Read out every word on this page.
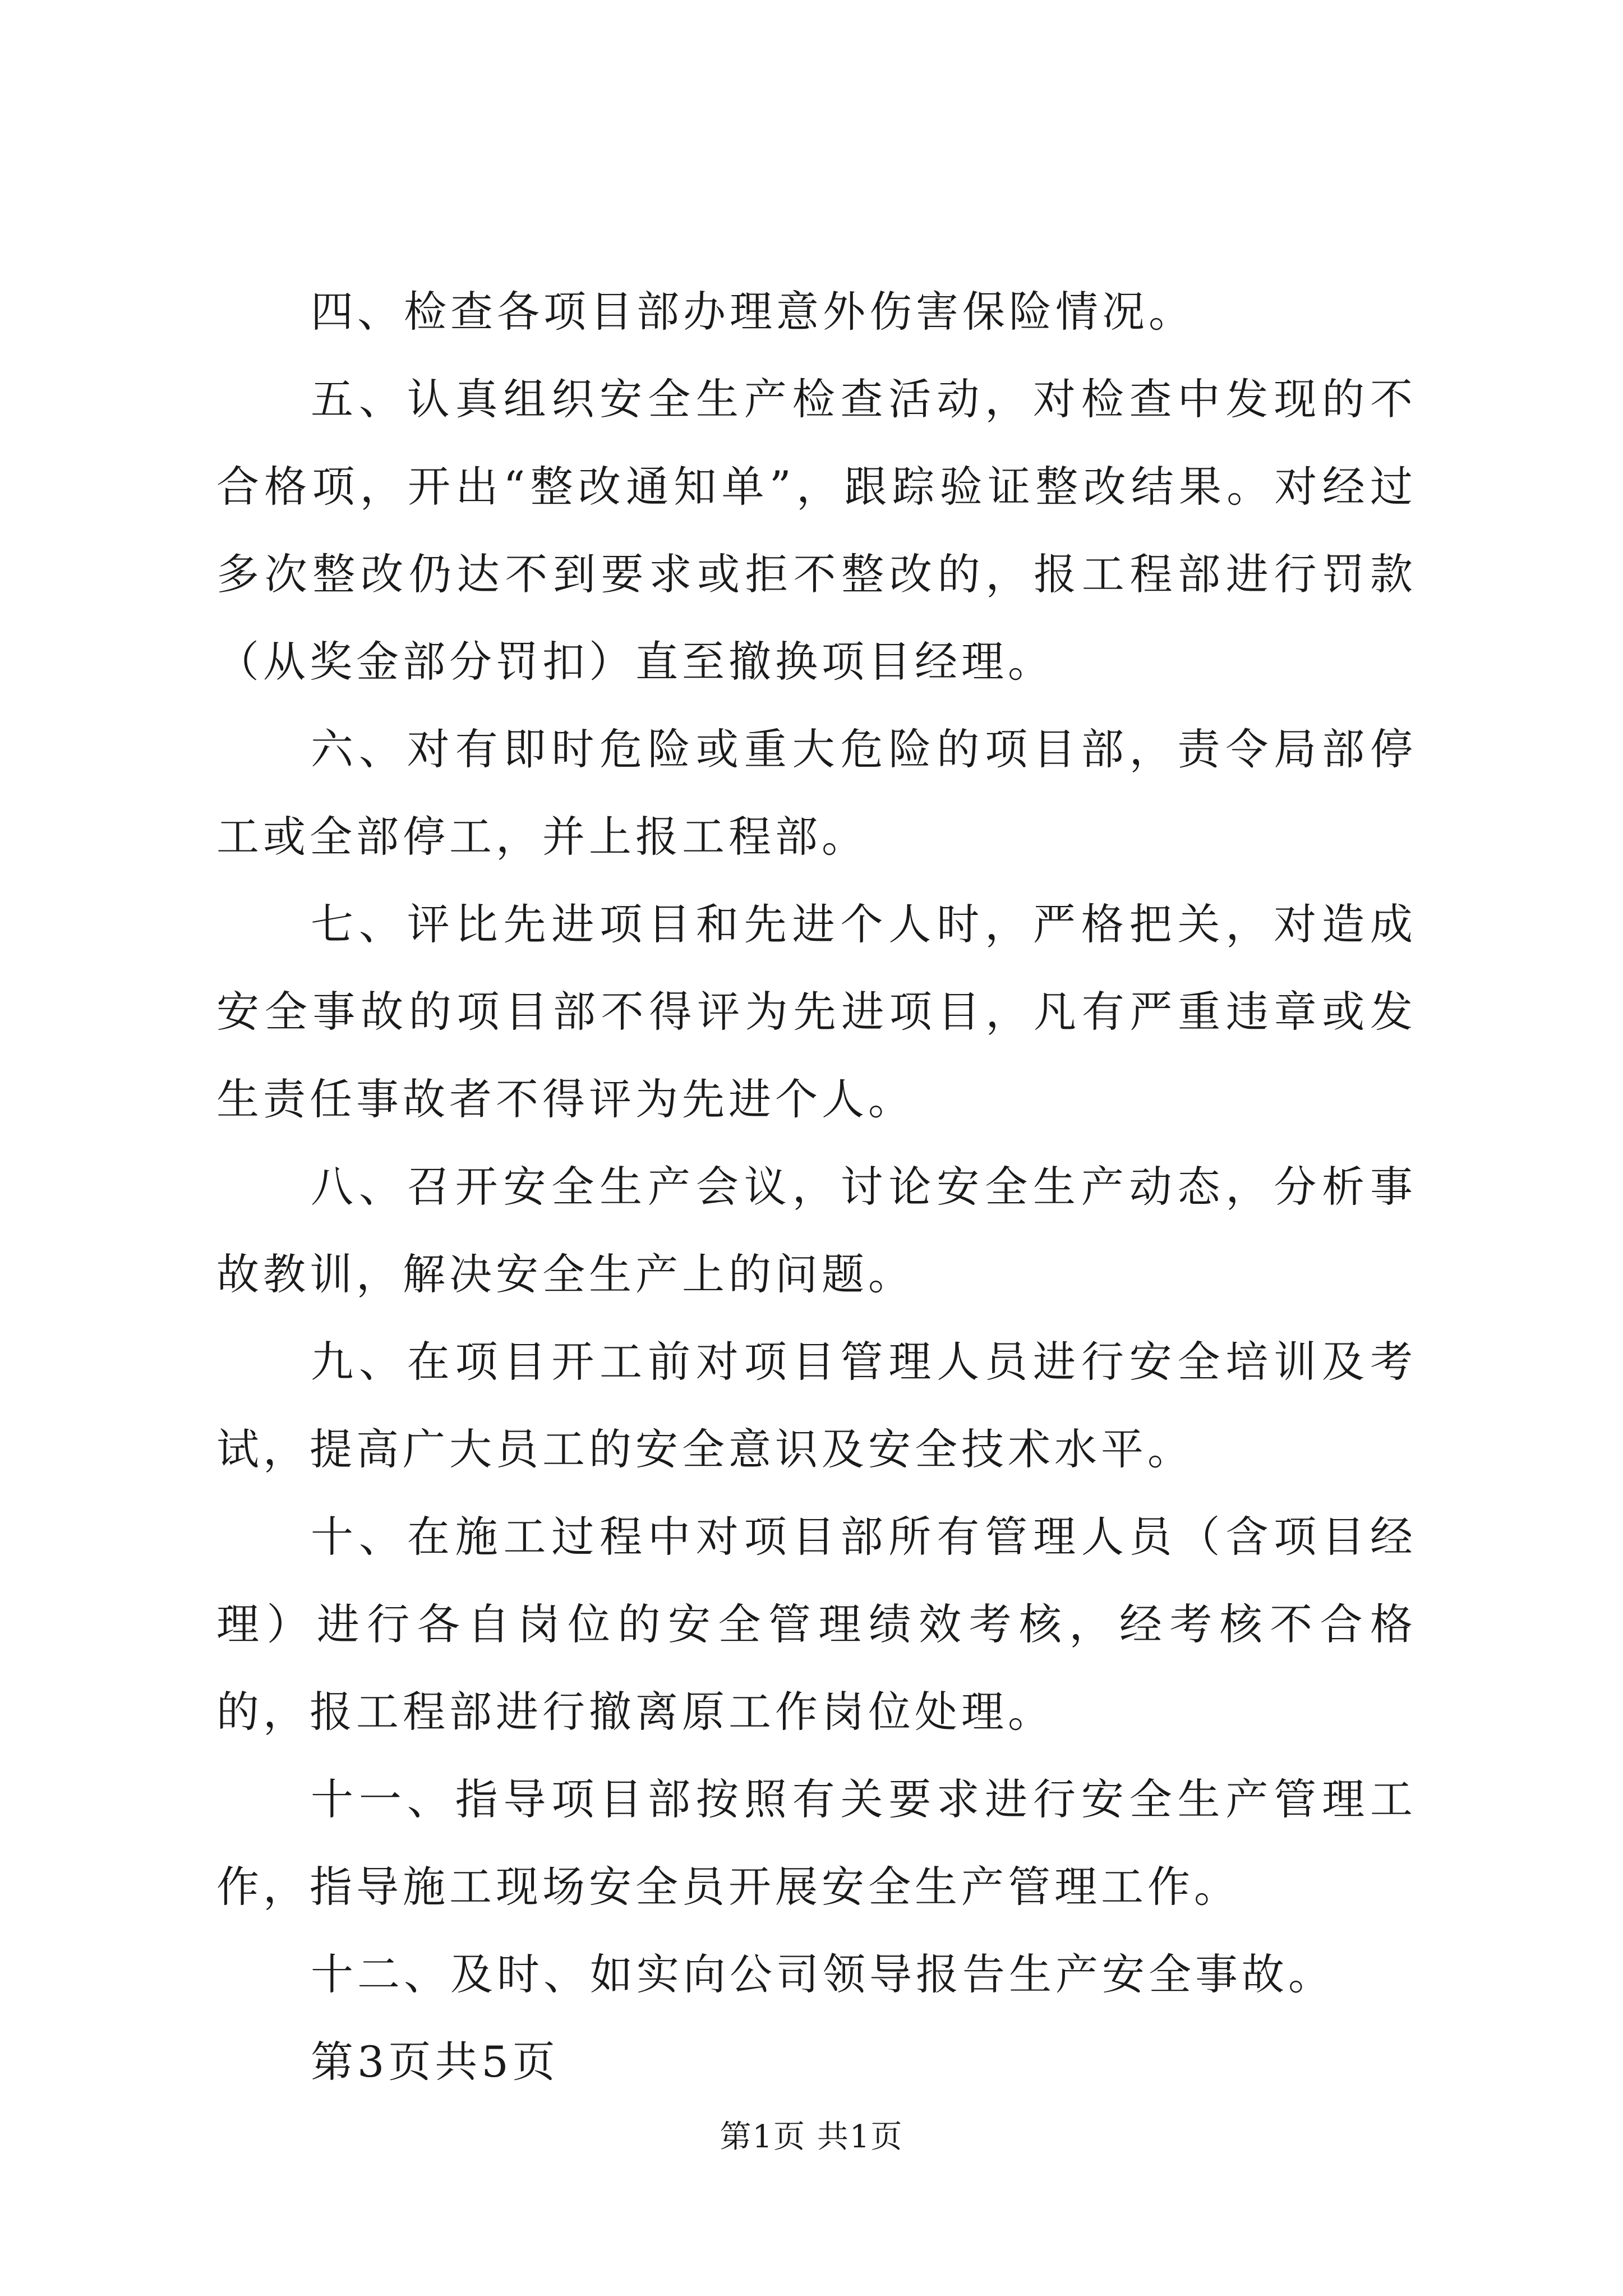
四、检查各项目部办理意外伤害保险情况。

五、认真组织安全生产检查活动，对检查中发现的不合格项，开出“整改通知单”，跟踪验证整改结果。对经过多次整改仍达不到要求或拒不整改的，报工程部进行罚款（从奖金部分罚扣）直至撤换项目经理。

六、对有即时危险或重大危险的项目部，责令局部停工或全部停工，并上报工程部。

七、评比先进项目和先进个人时，严格把关，对造成安全事故的项目部不得评为先进项目，凡有严重违章或发生责任事故者不得评为先进个人。

八、召开安全生产会议，讨论安全生产动态，分析事故教训，解决安全生产上的问题。

九、在项目开工前对项目管理人员进行安全培训及考试，提高广大员工的安全意识及安全技术水平。

十、在施工过程中对项目部所有管理人员（含项目经理）进行各自岗位的安全管理绩效考核，经考核不合格的，报工程部进行撤离原工作岗位处理。

十一、指导项目部按照有关要求进行安全生产管理工作，指导施工现场安全员开展安全生产管理工作。

十二、及时、如实向公司领导报告生产安全事故。

第3页共5页

第1页 共1页
